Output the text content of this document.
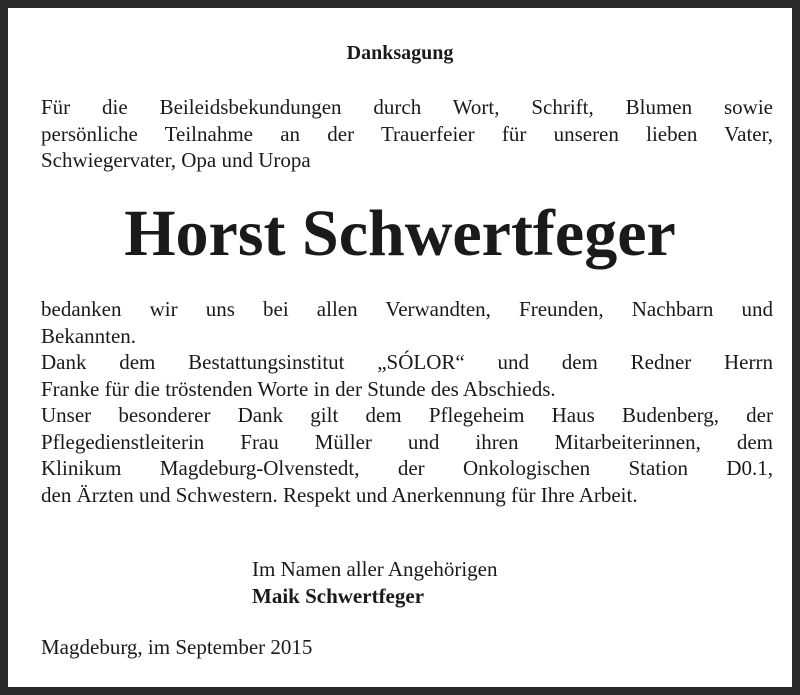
Danksagung
Für die Beileidsbekundungen durch Wort, Schrift, Blumen sowie
persönliche Teilnahme an der Trauerfeier für unseren lieben Vater,
Schwiegervater, Opa und Uropa
Horst Schwertfeger
bedanken wir uns bei allen Verwandten, Freunden, Nachbarn und
Bekannten.
Dank dem Bestattungsinstitut „SÓLOR“ und dem Redner Herrn
Franke für die tröstenden Worte in der Stunde des Abschieds.
Unser besonderer Dank gilt dem Pflegeheim Haus Budenberg, der
Pflegedienstleiterin Frau Müller und ihren Mitarbeiterinnen, dem
Klinikum Magdeburg-Olvenstedt, der Onkologischen Station D0.1,
den Ärzten und Schwestern. Respekt und Anerkennung für Ihre Arbeit.
Im Namen aller Angehörigen
Maik Schwertfeger
Magdeburg, im September 2015
